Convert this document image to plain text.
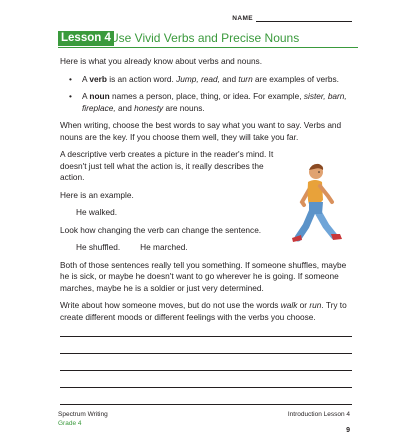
NAME
Lesson 4 Use Vivid Verbs and Precise Nouns

Here is what you already know about verbs and nouns.

• A verb is an action word. Jump, read, and turn are examples of verbs.
• A noun names a person, place, thing, or idea. For example, sister, barn, fireplace, and honesty are nouns.

When writing, choose the best words to say what you want to say. Verbs and nouns are the key. If you choose them well, they will take you far.

A descriptive verb creates a picture in the reader's mind. It doesn't just tell what the action is, it really describes the action.

Here is an example.

He walked.

Look how changing the verb can change the sentence.

He shuffled. He marched.

Both of those sentences really tell you something. If someone shuffles, maybe he is sick, or maybe he doesn't want to go wherever he is going. If someone marches, maybe he is a soldier or just very determined.

Write about how someone moves, but do not use the words walk or run. Try to create different moods or different feelings with the verbs you choose.

Spectrum Writing
Grade 4
Introduction Lesson 4
9
